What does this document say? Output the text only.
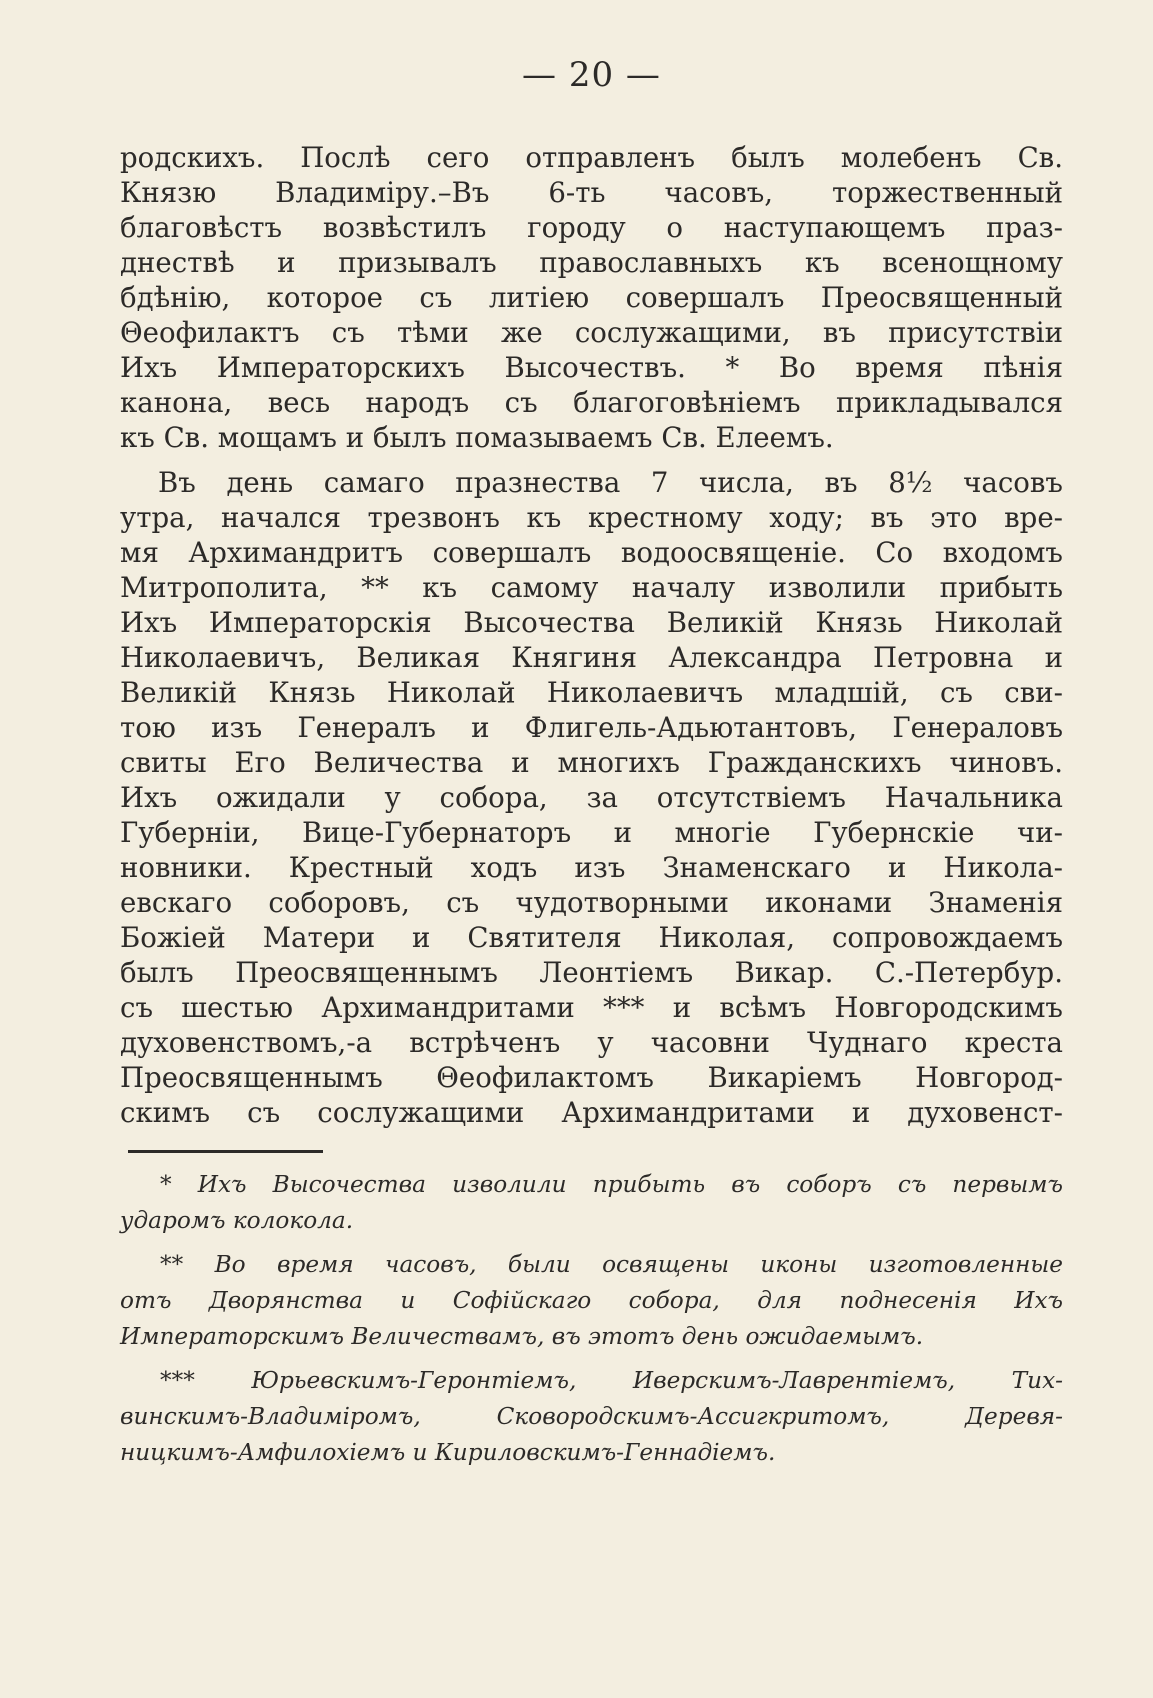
— 20 —
родскихъ. Послѣ сего отправленъ былъ молебенъ Св.
Князю Владиміру.–Въ 6-ть часовъ, торжественный
благовѣстъ возвѣстилъ городу о наступающемъ праз-
днествѣ и призывалъ православныхъ къ всенощному
бдѣнію, которое съ литіею совершалъ Преосвященный
Θеофилактъ съ тѣми же сослужащими, въ присутствіи
Ихъ Императорскихъ Высочествъ. * Во время пѣнія
канона, весь народъ съ благоговѣніемъ прикладывался
къ Св. мощамъ и былъ помазываемъ Св. Елеемъ.
Въ день самаго празнества 7 числа, въ 8½ часовъ
утра, начался трезвонъ къ крестному ходу; въ это вре-
мя Архимандритъ совершалъ водоосвященіе. Со входомъ
Митрополита, ** къ самому началу изволили прибыть
Ихъ Императорскія Высочества Великій Князь Николай
Николаевичъ, Великая Княгиня Александра Петровна и
Великій Князь Николай Николаевичъ младшій, съ сви-
тою изъ Генералъ и Флигель-Адьютантовъ, Генераловъ
свиты Его Величества и многихъ Гражданскихъ чиновъ.
Ихъ ожидали у собора, за отсутствіемъ Начальника
Губерніи, Вице-Губернаторъ и многіе Губернскіе чи-
новники. Крестный ходъ изъ Знаменскаго и Никола-
евскаго соборовъ, съ чудотворными иконами Знаменія
Божіей Матери и Святителя Николая, сопровождаемъ
былъ Преосвященнымъ Леонтіемъ Викар. С.-Петербур.
съ шестью Архимандритами *** и всѣмъ Новгородскимъ
духовенствомъ,-а встрѣченъ у часовни Чуднаго креста
Преосвященнымъ Θеофилактомъ Викаріемъ Новгород-
скимъ съ сослужащими Архимандритами и духовенст-
* Ихъ Высочества изволили прибыть въ соборъ съ первымъ
ударомъ колокола.
** Во время часовъ, были освящены иконы изготовленные
отъ Дворянства и Софійскаго собора, для поднесенія Ихъ
Императорскимъ Величествамъ, въ этотъ день ожидаемымъ.
*** Юрьевскимъ-Геронтіемъ, Иверскимъ-Лаврентіемъ, Тих-
винскимъ-Владиміромъ, Сковородскимъ-Ассигкритомъ, Деревя-
ницкимъ-Амфилохіемъ и Кириловскимъ-Геннадіемъ.
